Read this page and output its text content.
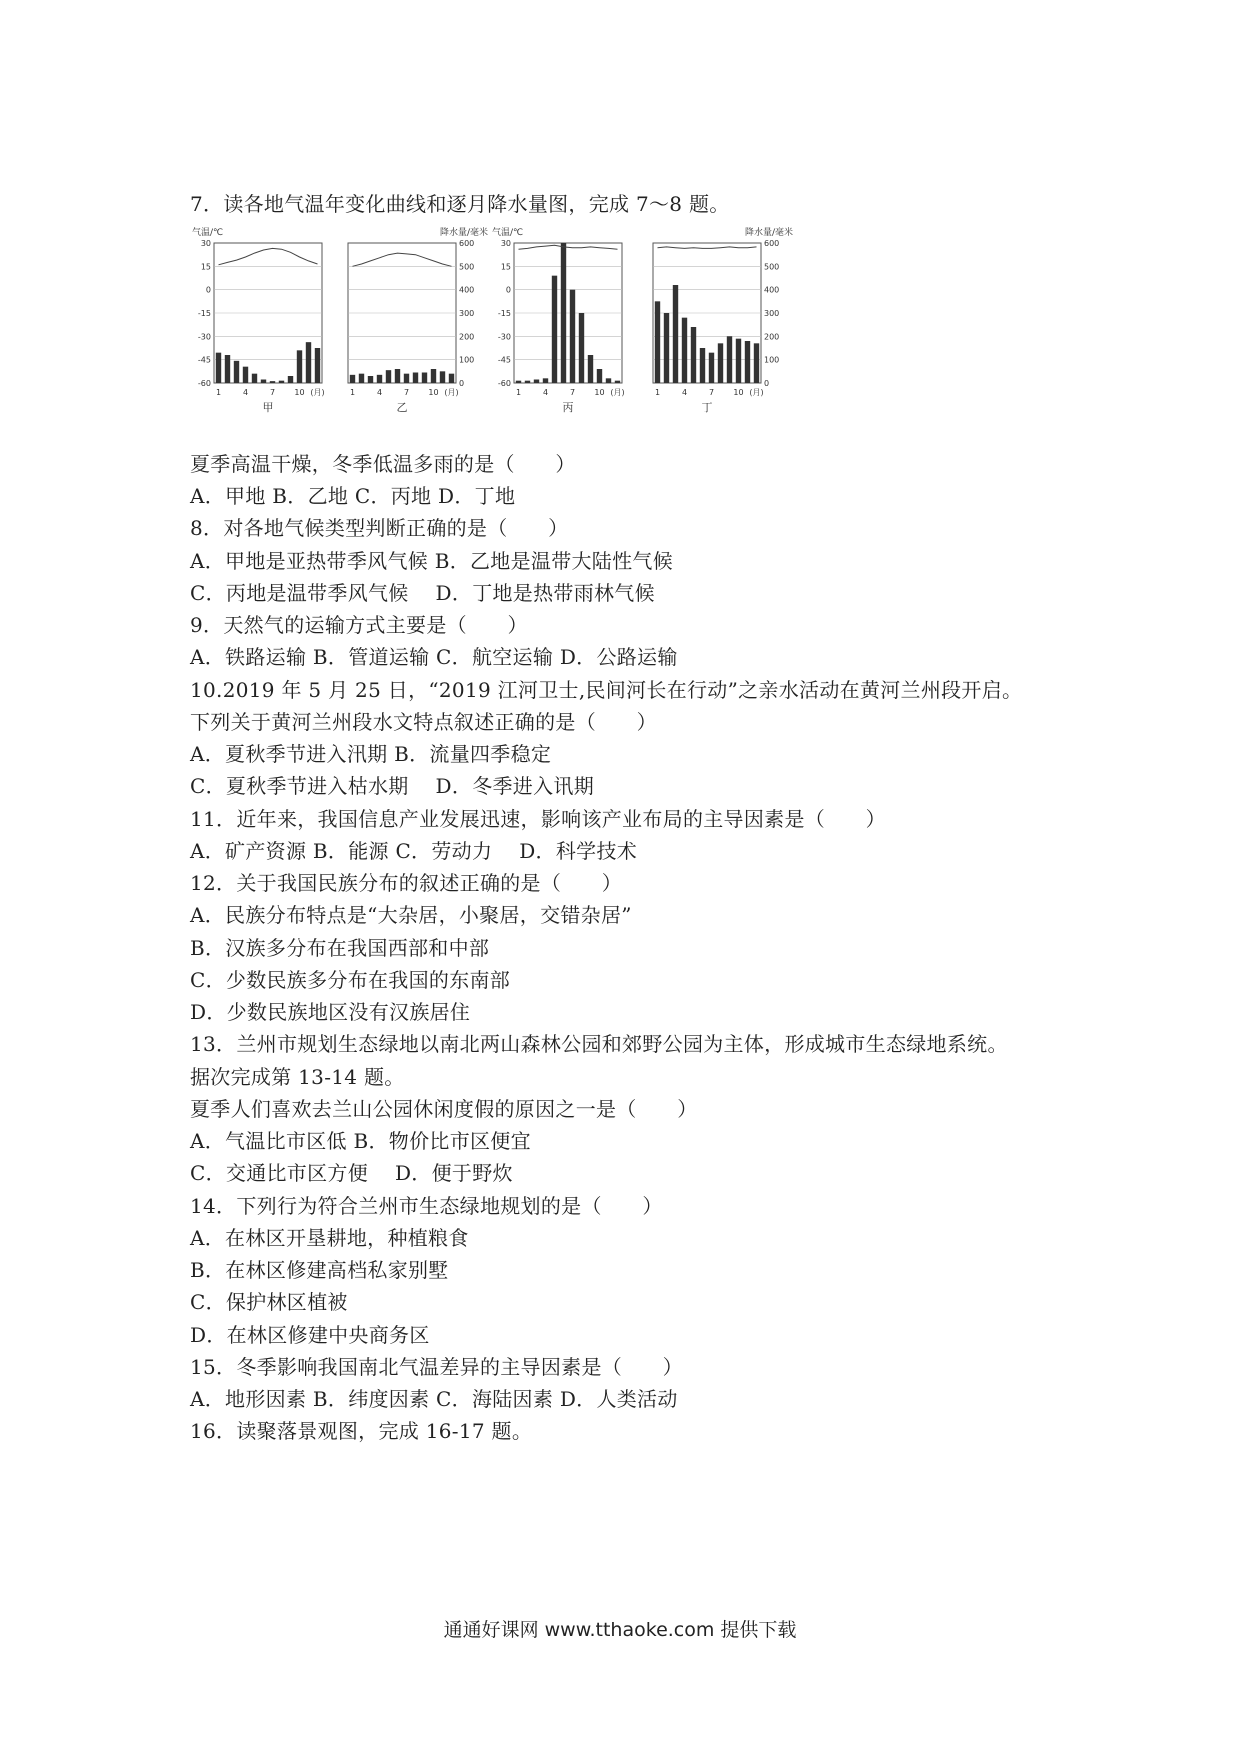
7．读各地气温年变化曲线和逐月降水量图，完成 7～8 题。
气温/℃
30
15
0
-15
-30
-45
-60
1	4	7 10 (月)
甲
降水量/毫米
600
500
400
300
200
100
0
1	4	7 10 (月)
乙
气温/℃
30
15
0
-15
-30
-45
-60
1	4	7 10 (月)
丙
降水量/毫米
600
500
400
300
200
100
0
1	4	7 10 (月)
丁
夏季高温干燥，冬季低温多雨的是（　　）
A．甲地 B．乙地 C．丙地 D．丁地
8．对各地气候类型判断正确的是（　　）
A．甲地是亚热带季风气候 B．乙地是温带大陆性气候
C．丙地是温带季风气候　 D．丁地是热带雨林气候
9．天然气的运输方式主要是（　　）
A．铁路运输 B．管道运输 C．航空运输 D．公路运输
10.2019 年 5 月 25 日，“2019 江河卫士,民间河长在行动”之亲水活动在黄河兰州段开启。
下列关于黄河兰州段水文特点叙述正确的是（　　）
A．夏秋季节进入汛期 B．流量四季稳定
C．夏秋季节进入枯水期　 D．冬季进入讯期
11．近年来，我国信息产业发展迅速，影响该产业布局的主导因素是（　　）
A．矿产资源 B．能源 C．劳动力　 D．科学技术
12．关于我国民族分布的叙述正确的是（　　）
A．民族分布特点是“大杂居，小聚居，交错杂居”
B．汉族多分布在我国西部和中部
C．少数民族多分布在我国的东南部
D．少数民族地区没有汉族居住
13．兰州市规划生态绿地以南北两山森林公园和郊野公园为主体，形成城市生态绿地系统。
据次完成第 13-14 题。
夏季人们喜欢去兰山公园休闲度假的原因之一是（　　）
A．气温比市区低 B．物价比市区便宜
C．交通比市区方便　 D．便于野炊
14．下列行为符合兰州市生态绿地规划的是（　　）
A．在林区开垦耕地，种植粮食
B．在林区修建高档私家别墅
C．保护林区植被
D．在林区修建中央商务区
15．冬季影响我国南北气温差异的主导因素是（　　）
A．地形因素 B．纬度因素 C．海陆因素 D．人类活动
16．读聚落景观图，完成 16-17 题。
通通好课网 www.tthaoke.com 提供下载
